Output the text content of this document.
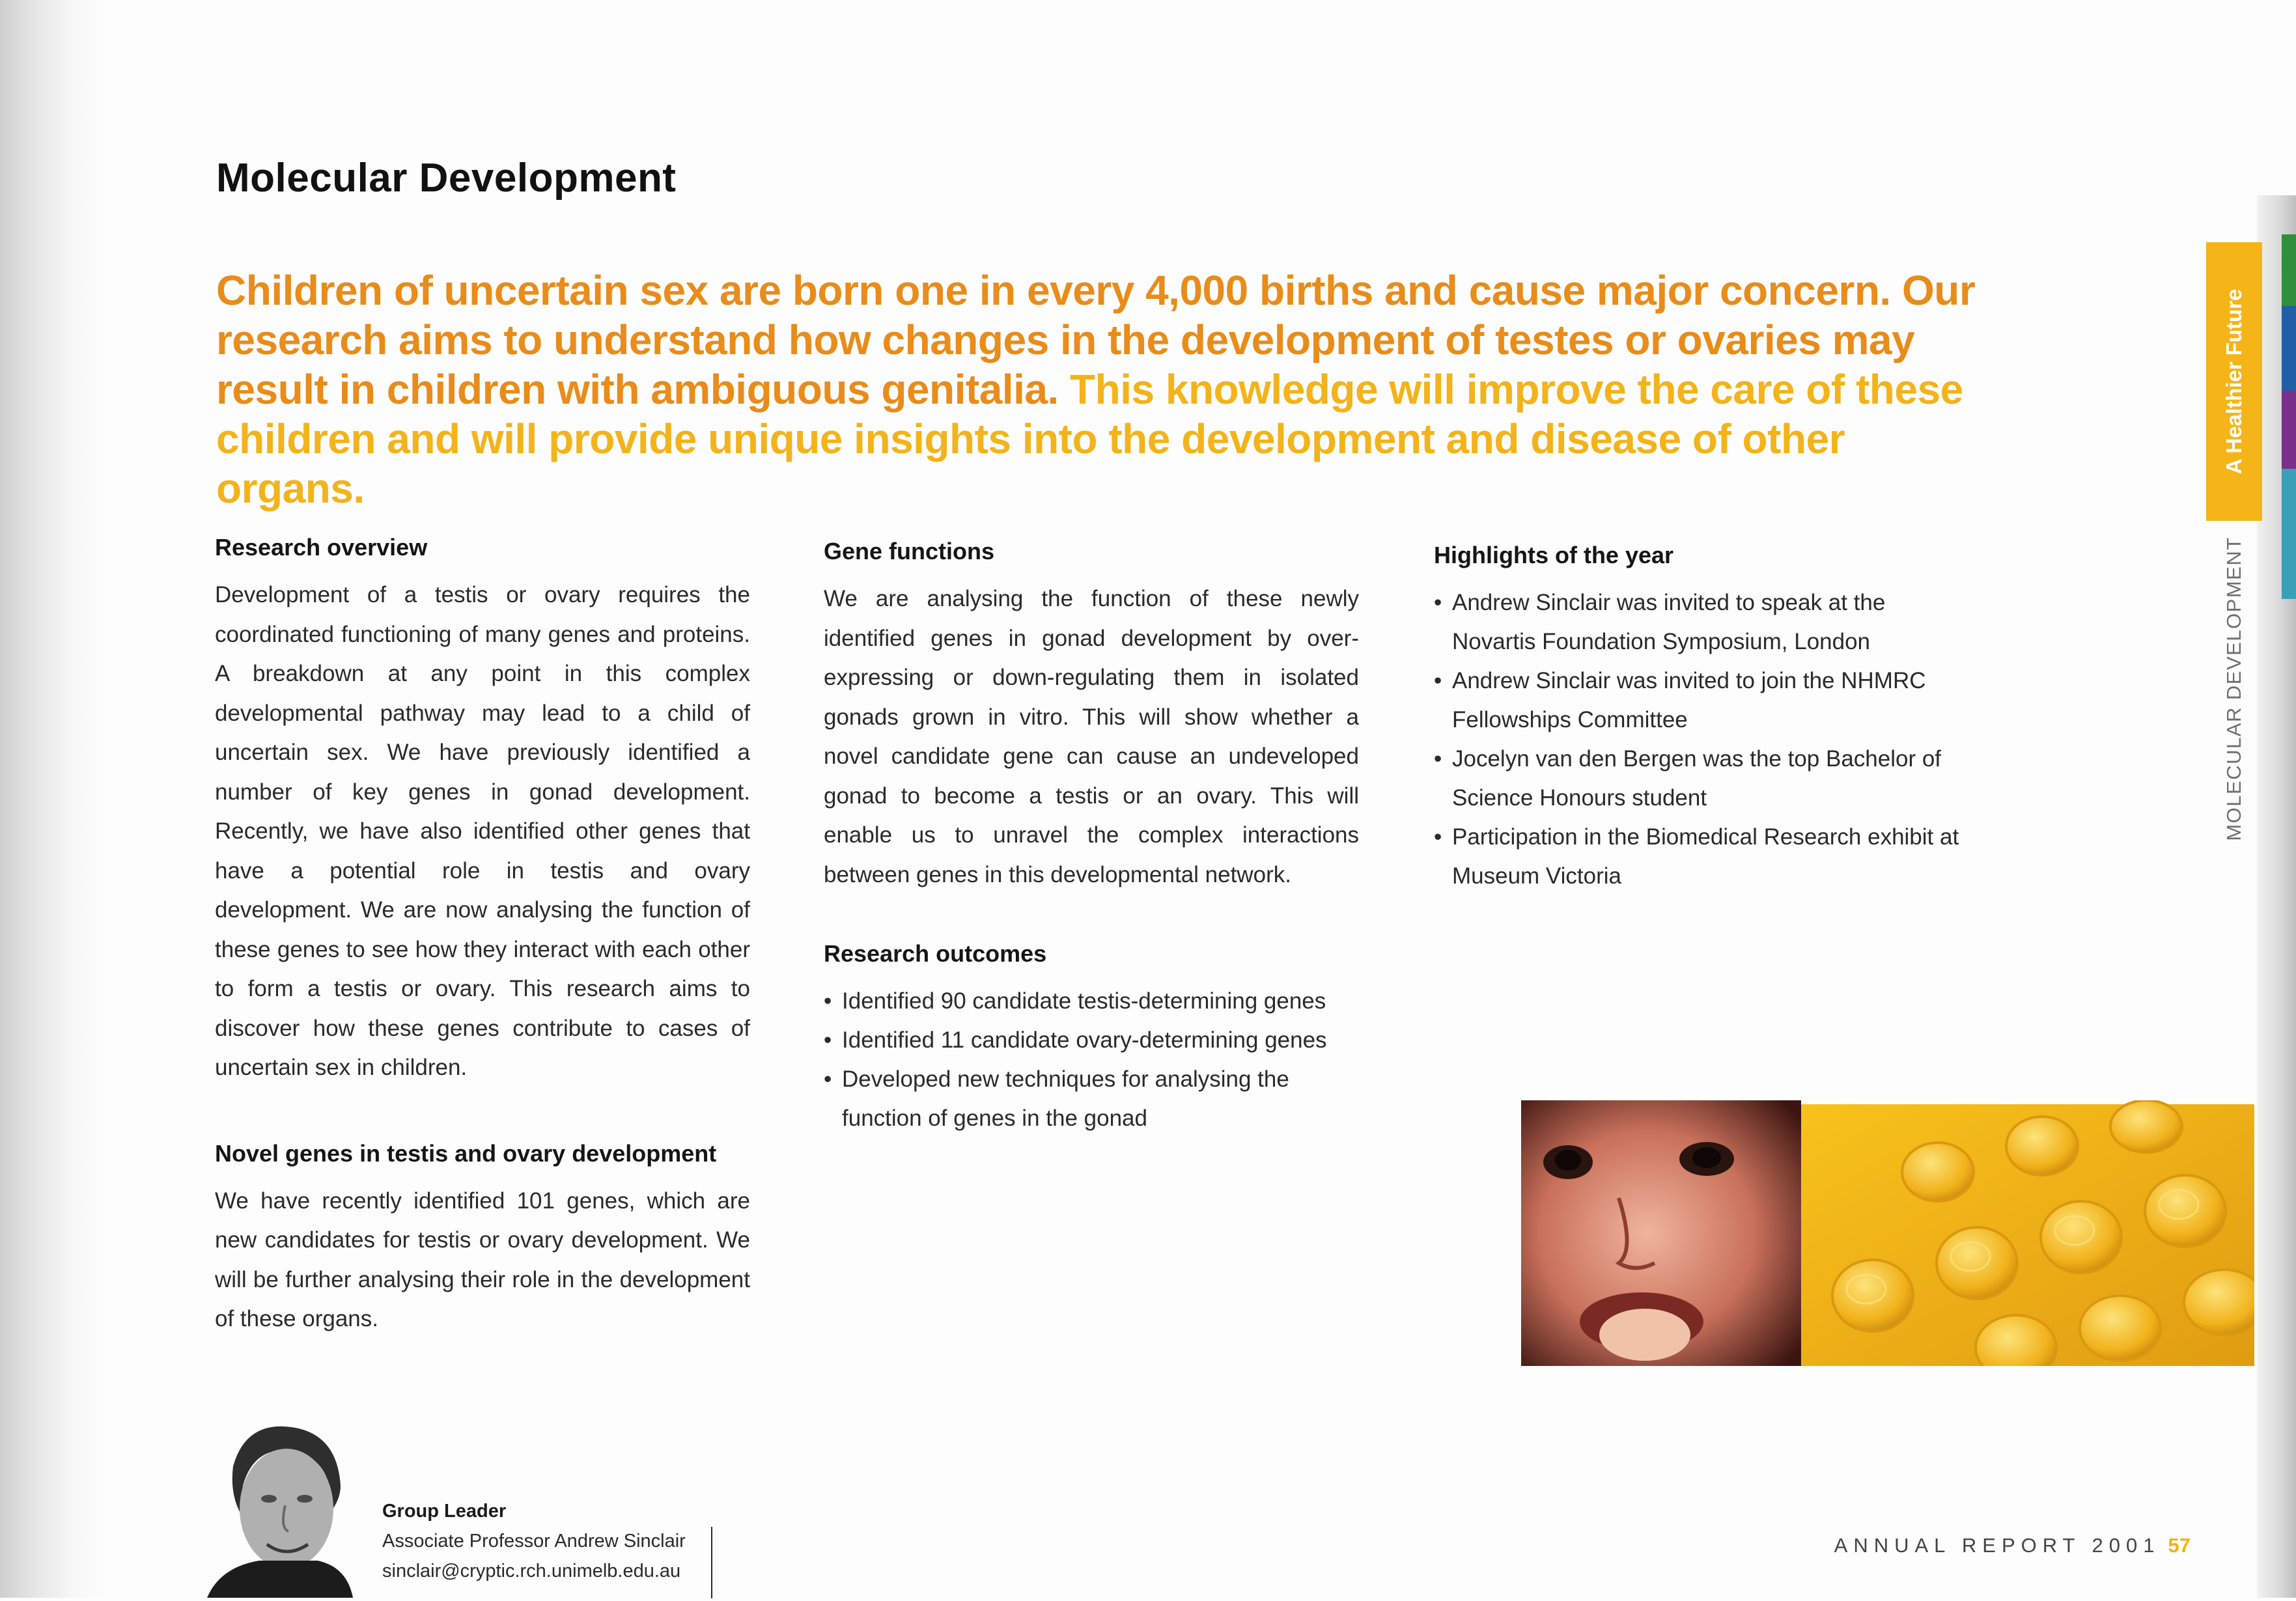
Molecular Development

Children of uncertain sex are born one in every 4,000 births and cause major concern. Our research aims to understand how changes in the development of testes or ovaries may result in children with ambiguous genitalia. This knowledge will improve the care of these children and will provide unique insights into the development and disease of other organs.

Research overview

Development of a testis or ovary requires the coordinated functioning of many genes and proteins. A breakdown at any point in this complex developmental pathway may lead to a child of uncertain sex. We have previously identified a number of key genes in gonad development. Recently, we have also identified other genes that have a potential role in testis and ovary development. We are now analysing the function of these genes to see how they interact with each other to form a testis or ovary. This research aims to discover how these genes contribute to cases of uncertain sex in children.

Novel genes in testis and ovary development

We have recently identified 101 genes, which are new candidates for testis or ovary development. We will be further analysing their role in the development of these organs.

Gene functions

We are analysing the function of these newly identified genes in gonad development by over-expressing or down-regulating them in isolated gonads grown in vitro. This will show whether a novel candidate gene can cause an undeveloped gonad to become a testis or an ovary. This will enable us to unravel the complex interactions between genes in this developmental network.

Research outcomes
• Identified 90 candidate testis-determining genes
• Identified 11 candidate ovary-determining genes
• Developed new techniques for analysing the function of genes in the gonad
Highlights of the year
• Andrew Sinclair was invited to speak at the Novartis Foundation Symposium, London
• Andrew Sinclair was invited to join the NHMRC Fellowships Committee
• Jocelyn van den Bergen was the top Bachelor of Science Honours student
• Participation in the Biomedical Research exhibit at Museum Victoria
A Healthier Future
MOLECULAR DEVELOPMENT
Group Leader
Associate Professor Andrew Sinclair
sinclair@cryptic.rch.unimelb.edu.au
ANNUAL REPORT 2001 57
